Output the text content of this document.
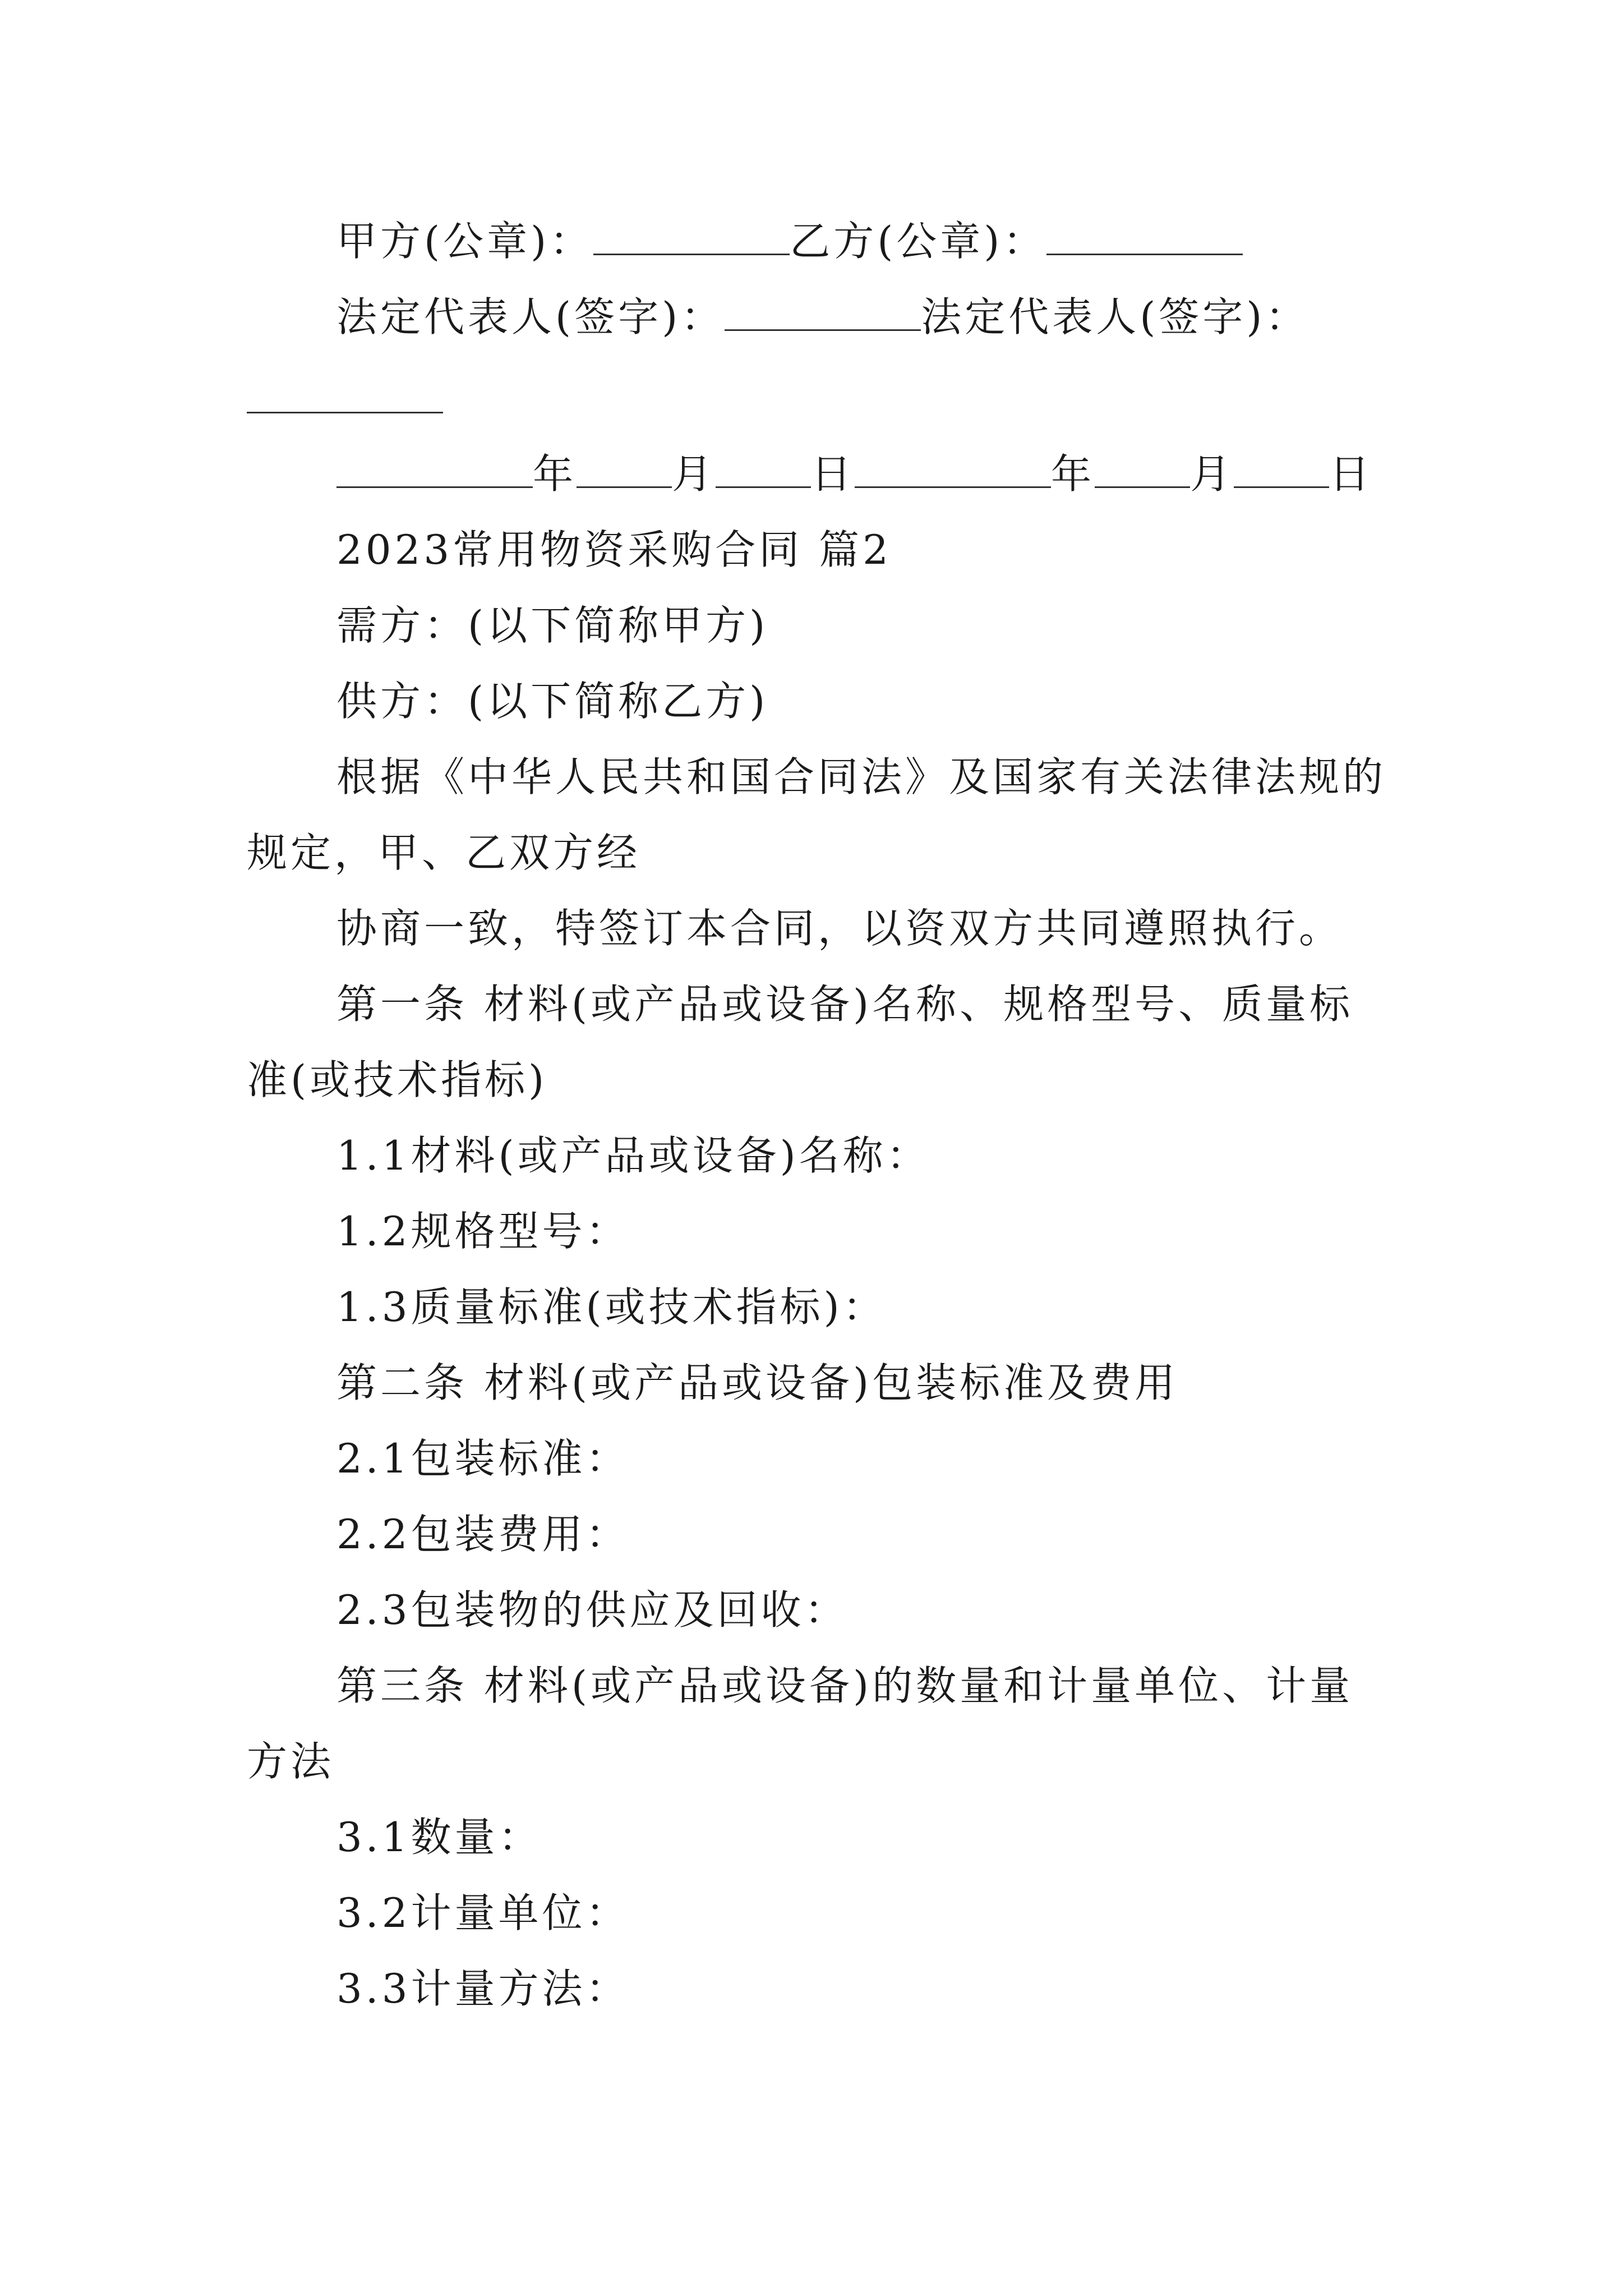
甲方(公章)：	乙方(公章)：
法定代表人(签字)：	法定代表人(签字)：
年 月 日	年 月 日
2023常用物资采购合同 篇2
需方：(以下简称甲方)
供方：(以下简称乙方)
根据《中华人民共和国合同法》及国家有关法律法规的
规定，甲、乙双方经
协商一致，特签订本合同，以资双方共同遵照执行。
第一条 材料(或产品或设备)名称、规格型号、质量标
准(或技术指标)
1.1材料(或产品或设备)名称：
1.2规格型号：
1.3质量标准(或技术指标)：
第二条 材料(或产品或设备)包装标准及费用
2.1包装标准：
2.2包装费用：
2.3包装物的供应及回收：
第三条 材料(或产品或设备)的数量和计量单位、计量
方法
3.1数量：
3.2计量单位：
3.3计量方法：
